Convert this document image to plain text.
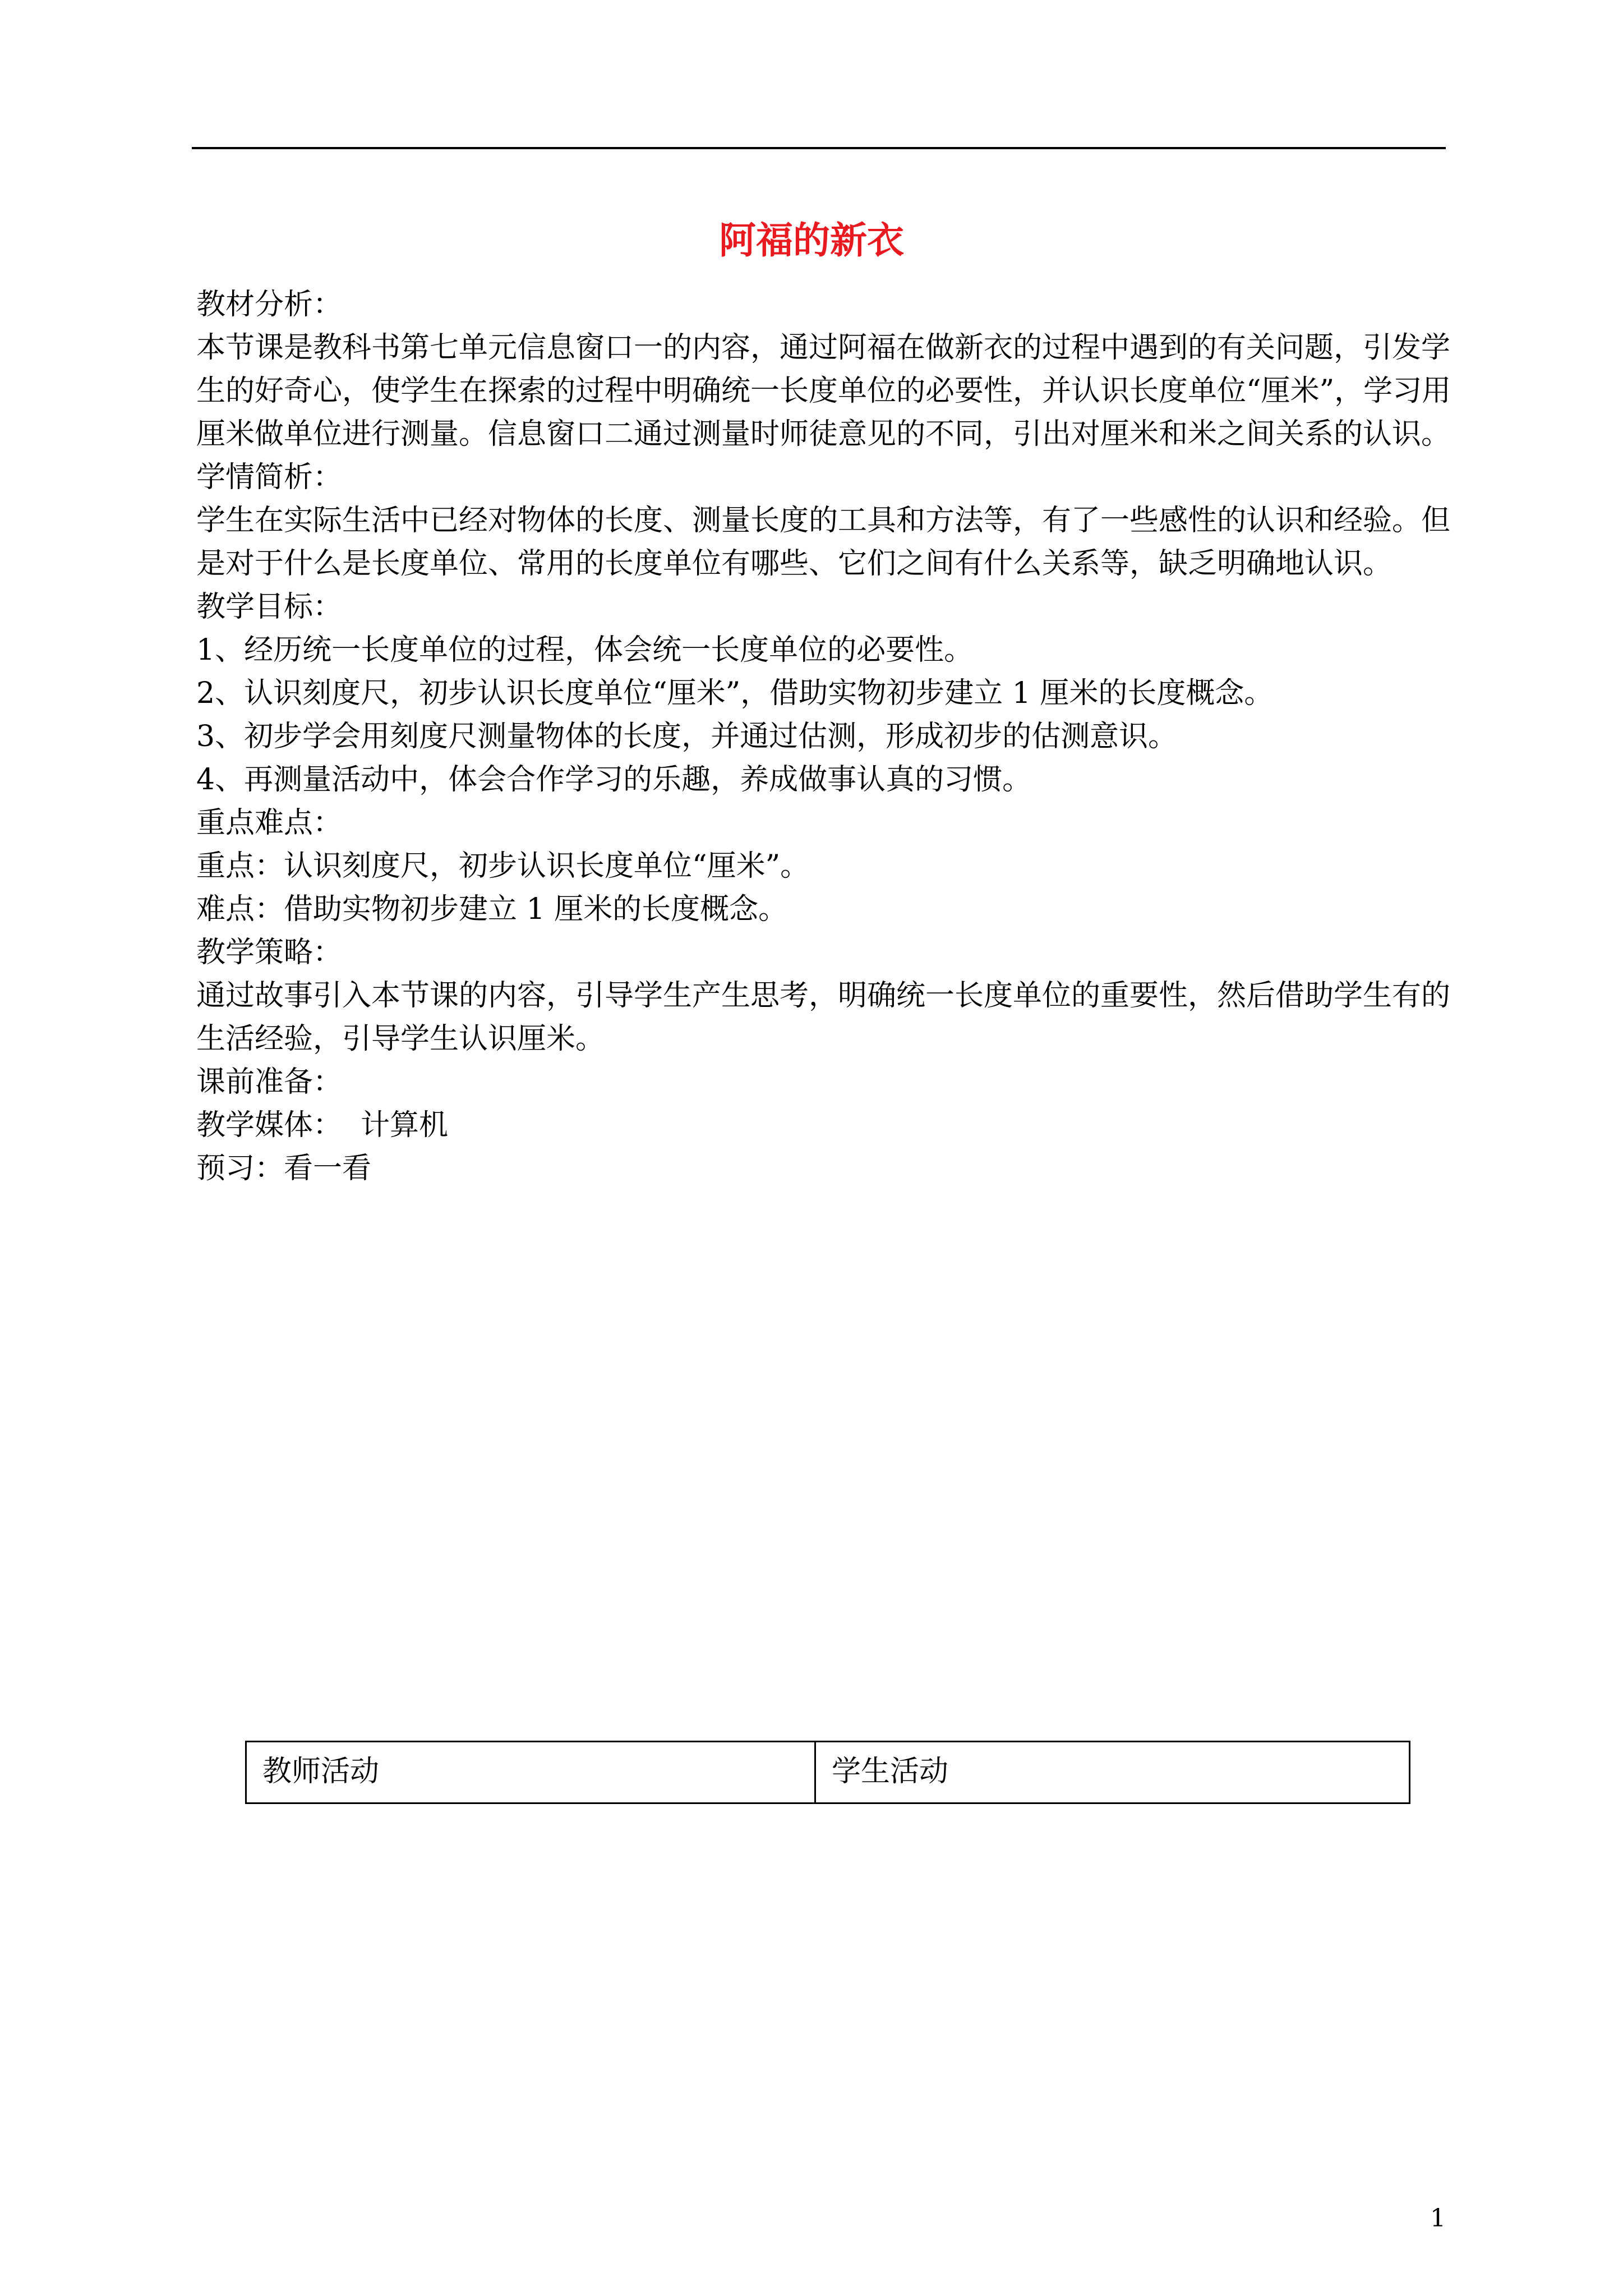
阿福的新衣
教材分析：
本节课是教科书第七单元信息窗口一的内容，通过阿福在做新衣的过程中遇到的有关问题，引发学
生的好奇心，使学生在探索的过程中明确统一长度单位的必要性，并认识长度单位“厘米”，学习用
厘米做单位进行测量。信息窗口二通过测量时师徒意见的不同，引出对厘米和米之间关系的认识。
学情简析：
学生在实际生活中已经对物体的长度、测量长度的工具和方法等，有了一些感性的认识和经验。但
是对于什么是长度单位、常用的长度单位有哪些、它们之间有什么关系等，缺乏明确地认识。
教学目标：
1、经历统一长度单位的过程，体会统一长度单位的必要性。
2、认识刻度尺，初步认识长度单位“厘米”，借助实物初步建立 1 厘米的长度概念。
3、初步学会用刻度尺测量物体的长度，并通过估测，形成初步的估测意识。
4、再测量活动中，体会合作学习的乐趣，养成做事认真的习惯。
重点难点：
重点：认识刻度尺，初步认识长度单位“厘米”。
难点：借助实物初步建立 1 厘米的长度概念。
教学策略：
通过故事引入本节课的内容，引导学生产生思考，明确统一长度单位的重要性，然后借助学生有的
生活经验，引导学生认识厘米。
课前准备：
教学媒体：  计算机
预习：看一看
教师活动	学生活动
1
